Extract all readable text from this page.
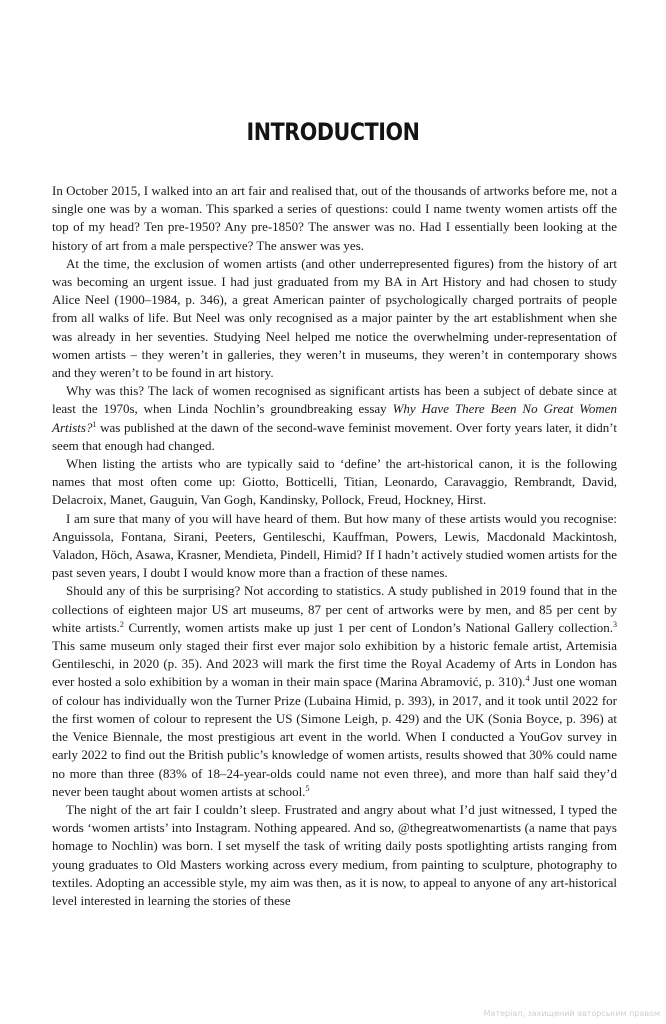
INTRODUCTION

In October 2015, I walked into an art fair and realised that, out of the thousands of artworks before me, not a single one was by a woman. This sparked a series of questions: could I name twenty women artists off the top of my head? Ten pre-1950? Any pre-1850? The answer was no. Had I essentially been looking at the history of art from a male perspective? The answer was yes.

At the time, the exclusion of women artists (and other underrepresented figures) from the history of art was becoming an urgent issue. I had just graduated from my BA in Art History and had chosen to study Alice Neel (1900–1984, p. 346), a great American painter of psychologically charged portraits of people from all walks of life. But Neel was only recognised as a major painter by the art establishment when she was already in her seventies. Studying Neel helped me notice the overwhelming under-representation of women artists – they weren’t in galleries, they weren’t in museums, they weren’t in contemporary shows and they weren’t to be found in art history.

Why was this? The lack of women recognised as significant artists has been a subject of debate since at least the 1970s, when Linda Nochlin’s groundbreaking essay Why Have There Been No Great Women Artists?$^1$ was published at the dawn of the second-wave feminist movement. Over forty years later, it didn’t seem that enough had changed.

When listing the artists who are typically said to ‘define’ the art-historical canon, it is the following names that most often come up: Giotto, Botticelli, Titian, Leonardo, Caravaggio, Rembrandt, David, Delacroix, Manet, Gauguin, Van Gogh, Kandinsky, Pollock, Freud, Hockney, Hirst.

I am sure that many of you will have heard of them. But how many of these artists would you recognise: Anguissola, Fontana, Sirani, Peeters, Gentileschi, Kauffman, Powers, Lewis, Macdonald Mackintosh, Valadon, Höch, Asawa, Krasner, Mendieta, Pindell, Himid? If I hadn’t actively studied women artists for the past seven years, I doubt I would know more than a fraction of these names.

Should any of this be surprising? Not according to statistics. A study published in 2019 found that in the collections of eighteen major US art museums, 87 per cent of artworks were by men, and 85 per cent by white artists.$^2$ Currently, women artists make up just 1 per cent of London’s National Gallery collection.$^3$ This same museum only staged their first ever major solo exhibition by a historic female artist, Artemisia Gentileschi, in 2020 (p. 35). And 2023 will mark the first time the Royal Academy of Arts in London has ever hosted a solo exhibition by a woman in their main space (Marina Abramović, p. 310).$^4$ Just one woman of colour has individually won the Turner Prize (Lubaina Himid, p. 393), in 2017, and it took until 2022 for the first women of colour to represent the US (Simone Leigh, p. 429) and the UK (Sonia Boyce, p. 396) at the Venice Biennale, the most prestigious art event in the world. When I conducted a YouGov survey in early 2022 to find out the British public’s knowledge of women artists, results showed that 30% could name no more than three (83% of 18–24-year-olds could name not even three), and more than half said they’d never been taught about women artists at school.$^5$

The night of the art fair I couldn’t sleep. Frustrated and angry about what I’d just witnessed, I typed the words ‘women artists’ into Instagram. Nothing appeared. And so, @thegreatwomenartists (a name that pays homage to Nochlin) was born. I set myself the task of writing daily posts spotlighting artists ranging from young graduates to Old Masters working across every medium, from painting to sculpture, photography to textiles. Adopting an accessible style, my aim was then, as it is now, to appeal to anyone of any art-historical level interested in learning the stories of these

Матеріал, захищений авторським правом
